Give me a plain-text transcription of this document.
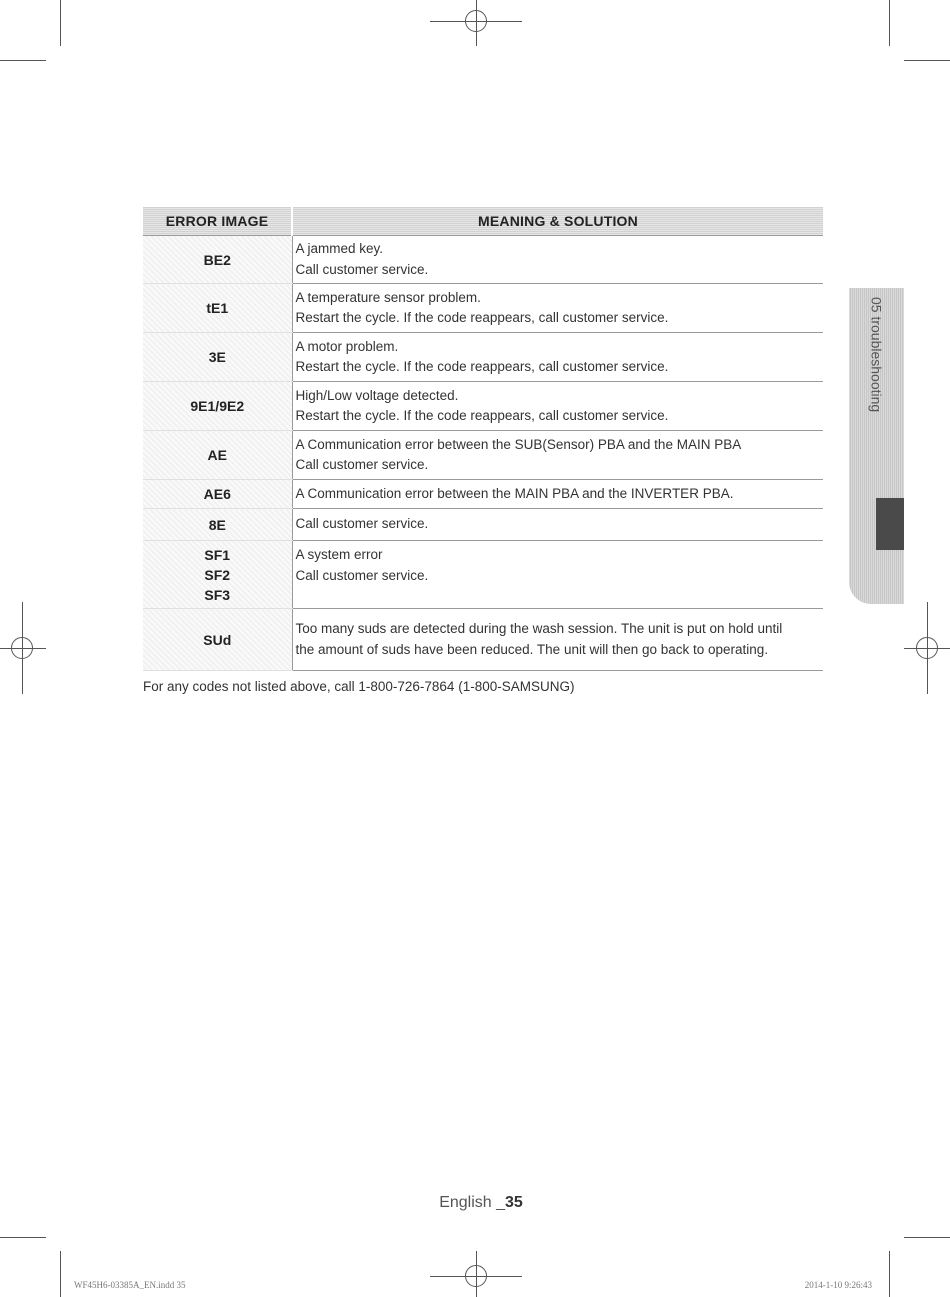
ERROR IMAGE	MEANING & SOLUTION
BE2	A jammed key.
Call customer service.

tE1	A temperature sensor problem.
Restart the cycle. If the code reappears, call customer service.

3E	A motor problem.
Restart the cycle. If the code reappears, call customer service.

9E1/9E2	High/Low voltage detected.
Restart the cycle. If the code reappears, call customer service.

AE	A Communication error between the SUB(Sensor) PBA and the MAIN PBA
Call customer service.

AE6	A Communication error between the MAIN PBA and the INVERTER PBA.

8E	Call customer service.

SF1
SF2
SF3	A system error
Call customer service.

SUd	Too many suds are detected during the wash session. The unit is put on hold until
the amount of suds have been reduced. The unit will then go back to operating.
For any codes not listed above, call 1-800-726-7864 (1-800-SAMSUNG)
05 troubleshooting
English _35
WF45H6-03385A_EN.indd 35	2014-1-10 9:26:43
